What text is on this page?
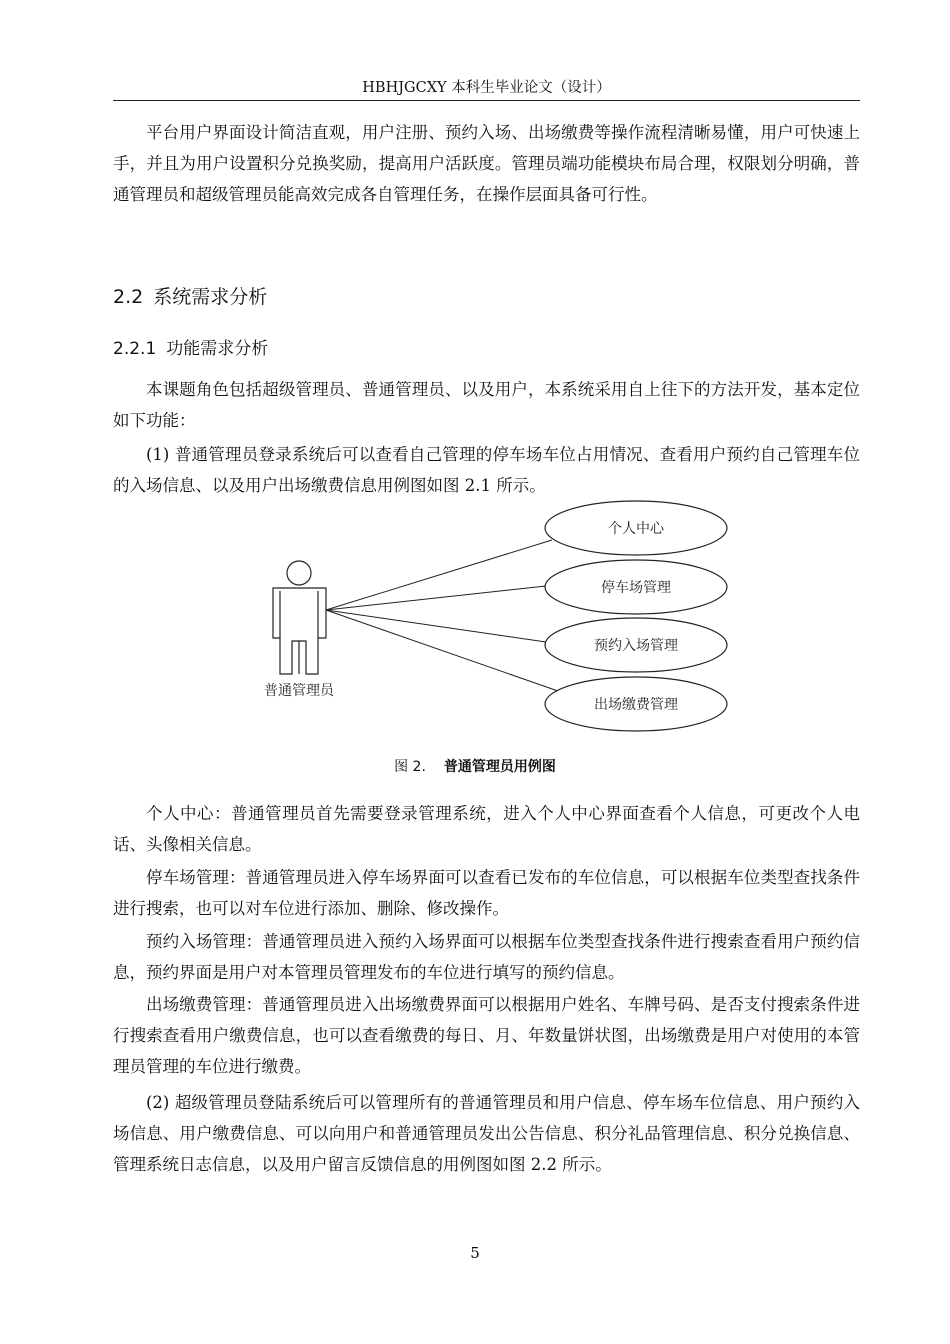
HBHJGCXY 本科生毕业论文（设计）

平台用户界面设计简洁直观，用户注册、预约入场、出场缴费等操作流程清晰易懂，用户可快速上手，并且为用户设置积分兑换奖励，提高用户活跃度。管理员端功能模块布局合理，权限划分明确，普通管理员和超级管理员能高效完成各自管理任务，在操作层面具备可行性。

2.2 系统需求分析
2.2.1 功能需求分析

本课题角色包括超级管理员、普通管理员、以及用户，本系统采用自上往下的方法开发，基本定位如下功能：

(1) 普通管理员登录系统后可以查看自己管理的停车场车位占用情况、查看用户预约自己管理车位的入场信息、以及用户出场缴费信息用例图如图 2.1 所示。

普通管理员
个人中心
停车场管理
预约入场管理
出场缴费管理
图 2. 普通管理员用例图

个人中心：普通管理员首先需要登录管理系统，进入个人中心界面查看个人信息，可更改个人电话、头像相关信息。

停车场管理：普通管理员进入停车场界面可以查看已发布的车位信息，可以根据车位类型查找条件进行搜索，也可以对车位进行添加、删除、修改操作。

预约入场管理：普通管理员进入预约入场界面可以根据车位类型查找条件进行搜索查看用户预约信息，预约界面是用户对本管理员管理发布的车位进行填写的预约信息。

出场缴费管理：普通管理员进入出场缴费界面可以根据用户姓名、车牌号码、是否支付搜索条件进行搜索查看用户缴费信息，也可以查看缴费的每日、月、年数量饼状图，出场缴费是用户对使用的本管理员管理的车位进行缴费。

(2) 超级管理员登陆系统后可以管理所有的普通管理员和用户信息、停车场车位信息、用户预约入场信息、用户缴费信息、可以向用户和普通管理员发出公告信息、积分礼品管理信息、积分兑换信息、管理系统日志信息，以及用户留言反馈信息的用例图如图 2.2 所示。

5
